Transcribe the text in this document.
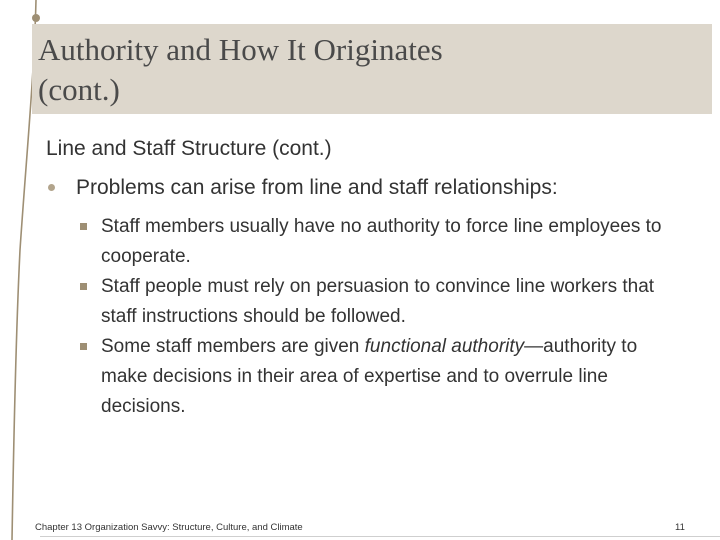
Authority and How It Originates
(cont.)

Line and Staff Structure (cont.)

Problems can arise from line and staff relationships:
Staff members usually have no authority to force line employees to cooperate.
Staff people must rely on persuasion to convince line workers that staff instructions should be followed.
Some staff members are given functional authority—authority to make decisions in their area of expertise and to overrule line decisions.
Chapter 13 Organization Savvy: Structure, Culture, and Climate	11
